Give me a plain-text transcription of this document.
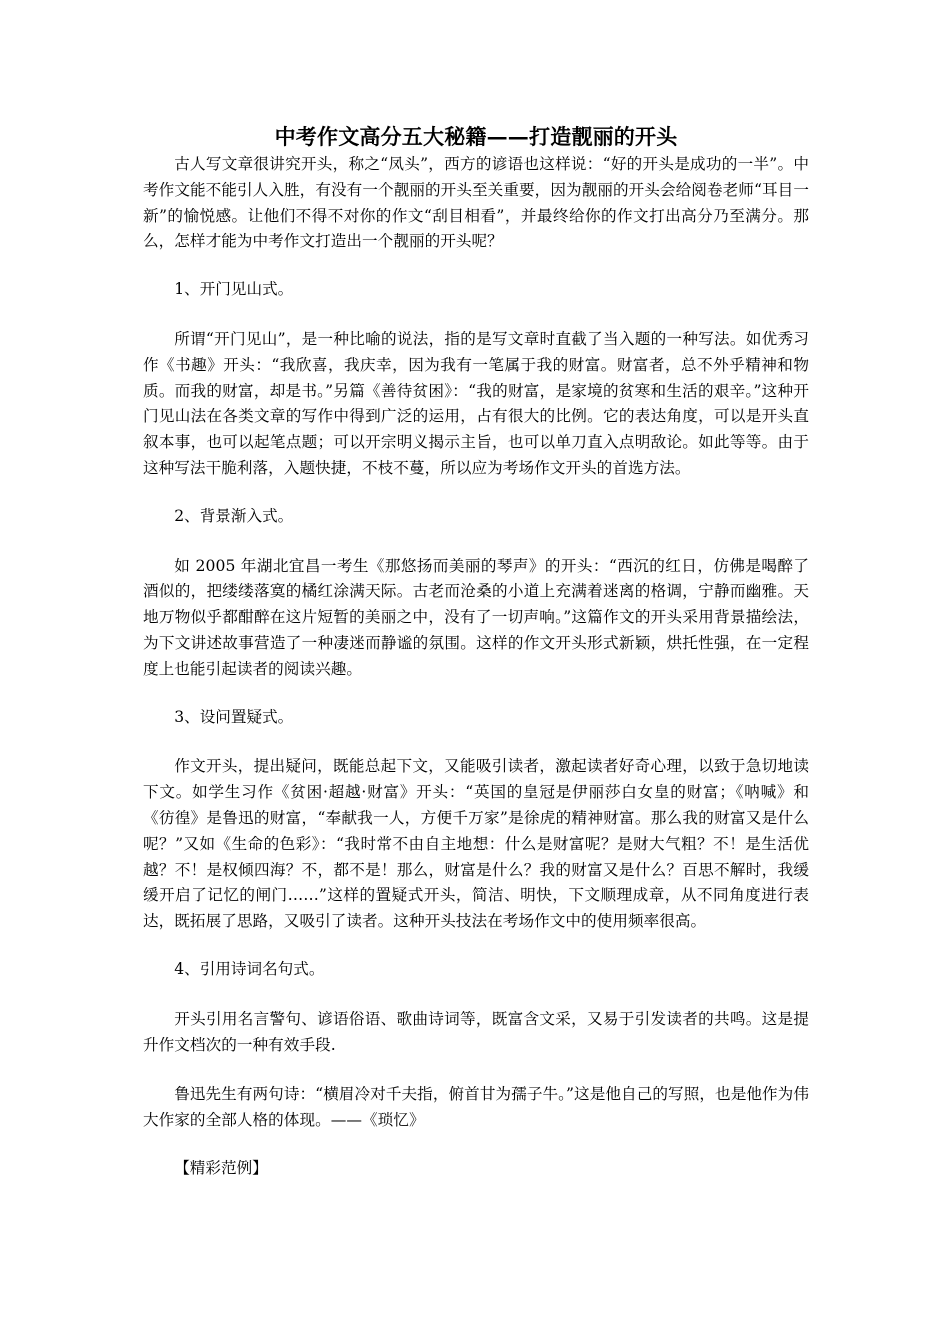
中考作文高分五大秘籍——打造靓丽的开头

古人写文章很讲究开头，称之“凤头”，西方的谚语也这样说：“好的开头是成功的一半”。中考作文能不能引人入胜，有没有一个靓丽的开头至关重要，因为靓丽的开头会给阅卷老师“耳目一新”的愉悦感。让他们不得不对你的作文“刮目相看”，并最终给你的作文打出高分乃至满分。那么，怎样才能为中考作文打造出一个靓丽的开头呢？

1、开门见山式。

所谓“开门见山”，是一种比喻的说法，指的是写文章时直截了当入题的一种写法。如优秀习作《书趣》开头：“我欣喜，我庆幸，因为我有一笔属于我的财富。财富者，总不外乎精神和物质。而我的财富，却是书。”另篇《善待贫困》：“我的财富，是家境的贫寒和生活的艰辛。”这种开门见山法在各类文章的写作中得到广泛的运用，占有很大的比例。它的表达角度，可以是开头直叙本事，也可以起笔点题；可以开宗明义揭示主旨，也可以单刀直入点明敌论。如此等等。由于这种写法干脆利落，入题快捷，不枝不蔓，所以应为考场作文开头的首选方法。

2、背景渐入式。

如 2005 年湖北宜昌一考生《那悠扬而美丽的琴声》的开头：“西沉的红日，仿佛是喝醉了酒似的，把缕缕落寞的橘红涂满天际。古老而沧桑的小道上充满着迷离的格调，宁静而幽雅。天地万物似乎都酣醉在这片短暂的美丽之中，没有了一切声响。”这篇作文的开头采用背景描绘法，为下文讲述故事营造了一种凄迷而静谧的氛围。这样的作文开头形式新颖，烘托性强，在一定程度上也能引起读者的阅读兴趣。

3、设问置疑式。

作文开头，提出疑问，既能总起下文，又能吸引读者，激起读者好奇心理，以致于急切地读下文。如学生习作《贫困·超越·财富》开头：“英国的皇冠是伊丽莎白女皇的财富；《呐喊》和《彷徨》是鲁迅的财富，“奉献我一人，方便千万家”是徐虎的精神财富。那么我的财富又是什么呢？”又如《生命的色彩》：“我时常不由自主地想：什么是财富呢？是财大气粗？不！是生活优越？不！是权倾四海？不，都不是！那么，财富是什么？我的财富又是什么？百思不解时，我缓缓开启了记忆的闸门……”这样的置疑式开头，简洁、明快，下文顺理成章，从不同角度进行表达，既拓展了思路，又吸引了读者。这种开头技法在考场作文中的使用频率很高。

4、引用诗词名句式。

开头引用名言警句、谚语俗语、歌曲诗词等，既富含文采，又易于引发读者的共鸣。这是提升作文档次的一种有效手段.

鲁迅先生有两句诗：“横眉冷对千夫指，俯首甘为孺子牛。”这是他自己的写照，也是他作为伟大作家的全部人格的体现。——《琐忆》

【精彩范例】
